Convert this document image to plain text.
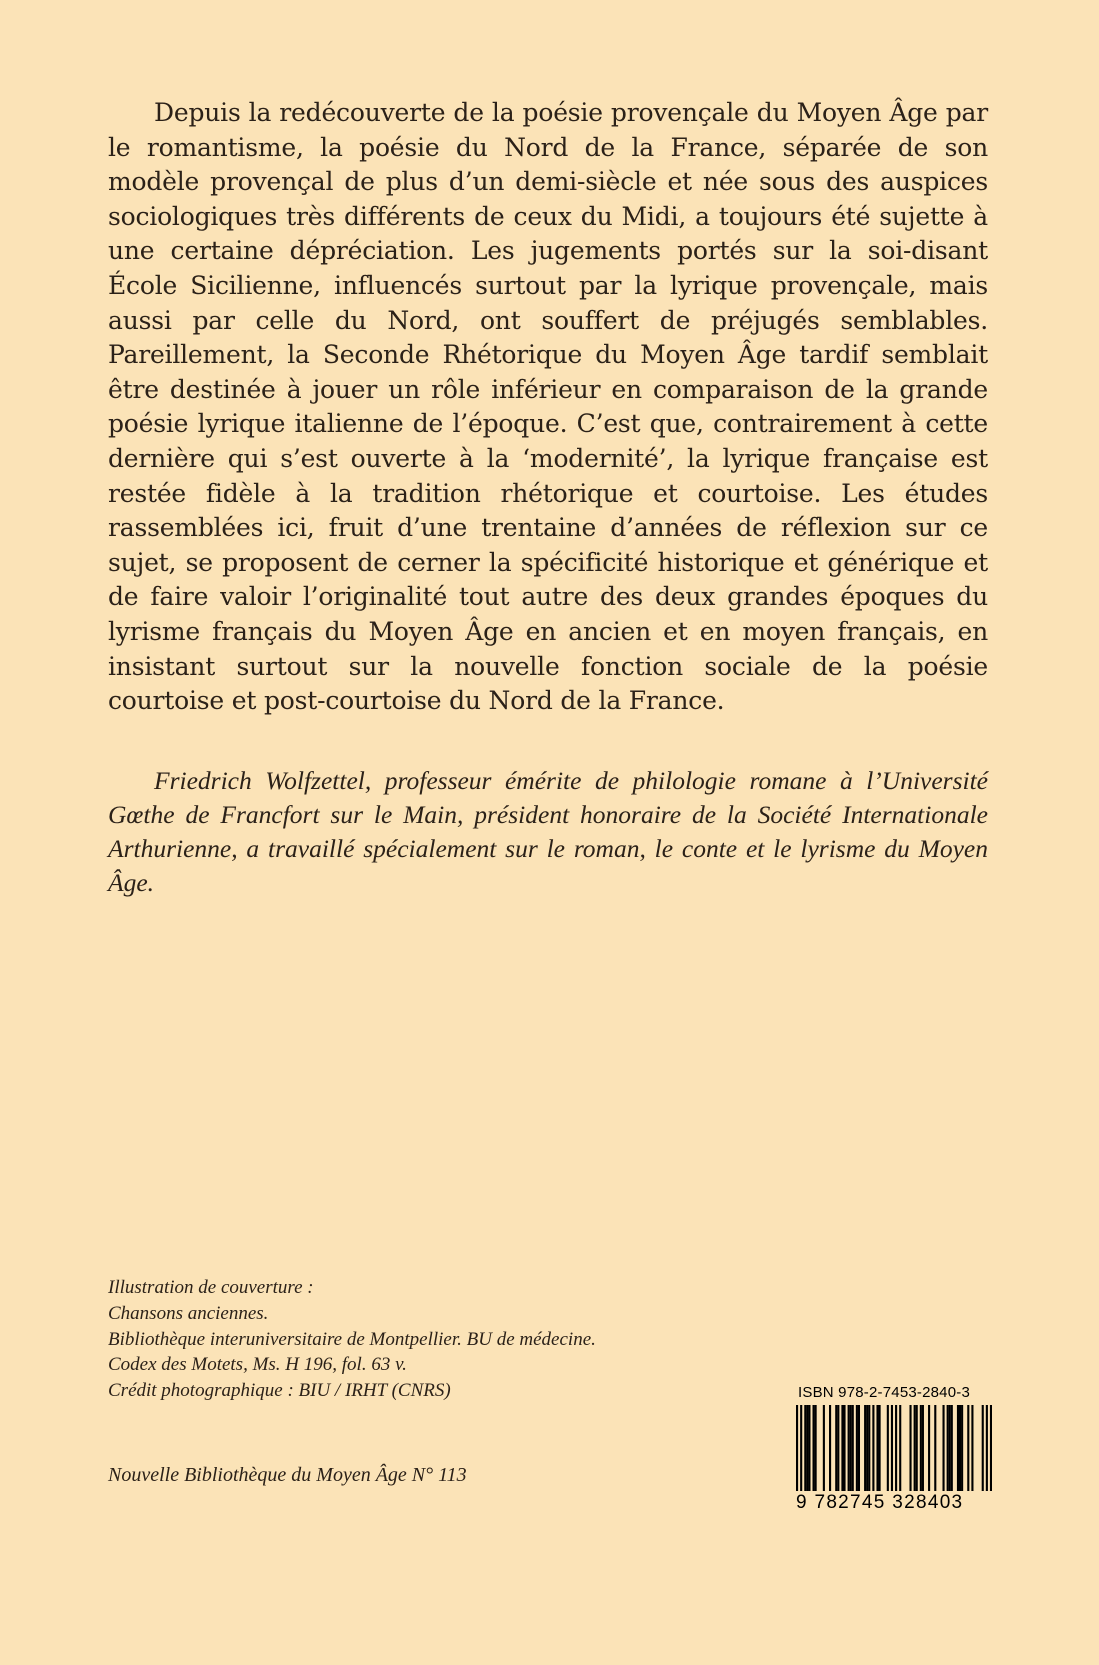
Depuis la redécouverte de la poésie provençale du Moyen Âge par le romantisme, la poésie du Nord de la France, séparée de son modèle provençal de plus d’un demi-siècle et née sous des auspices sociologiques très différents de ceux du Midi, a toujours été sujette à une certaine dépréciation. Les jugements portés sur la soi-disant École Sicilienne, influencés surtout par la lyrique provençale, mais aussi par celle du Nord, ont souffert de préjugés semblables. Pareillement, la Seconde Rhétorique du Moyen Âge tardif semblait être destinée à jouer un rôle inférieur en comparaison de la grande poésie lyrique italienne de l’époque. C’est que, contrairement à cette dernière qui s’est ouverte à la ‘modernité’, la lyrique française est restée fidèle à la tradition rhétorique et courtoise. Les études rassemblées ici, fruit d’une trentaine d’années de réflexion sur ce sujet, se proposent de cerner la spécificité historique et générique et de faire valoir l’originalité tout autre des deux grandes époques du lyrisme français du Moyen Âge en ancien et en moyen français, en insistant surtout sur la nouvelle fonction sociale de la poésie courtoise et post-courtoise du Nord de la France.

Friedrich Wolfzettel, professeur émérite de philologie romane à l’Université Gœthe de Francfort sur le Main, président honoraire de la Société Internationale Arthurienne, a travaillé spécialement sur le roman, le conte et le lyrisme du Moyen Âge.

Illustration de couverture :
Chansons anciennes.
Bibliothèque interuniversitaire de Montpellier. BU de médecine.
Codex des Motets, Ms. H 196, fol. 63 v.
Crédit photographique : BIU / IRHT (CNRS)
Nouvelle Bibliothèque du Moyen Âge N° 113
ISBN 978-2-7453-2840-3
9 782745 328403
